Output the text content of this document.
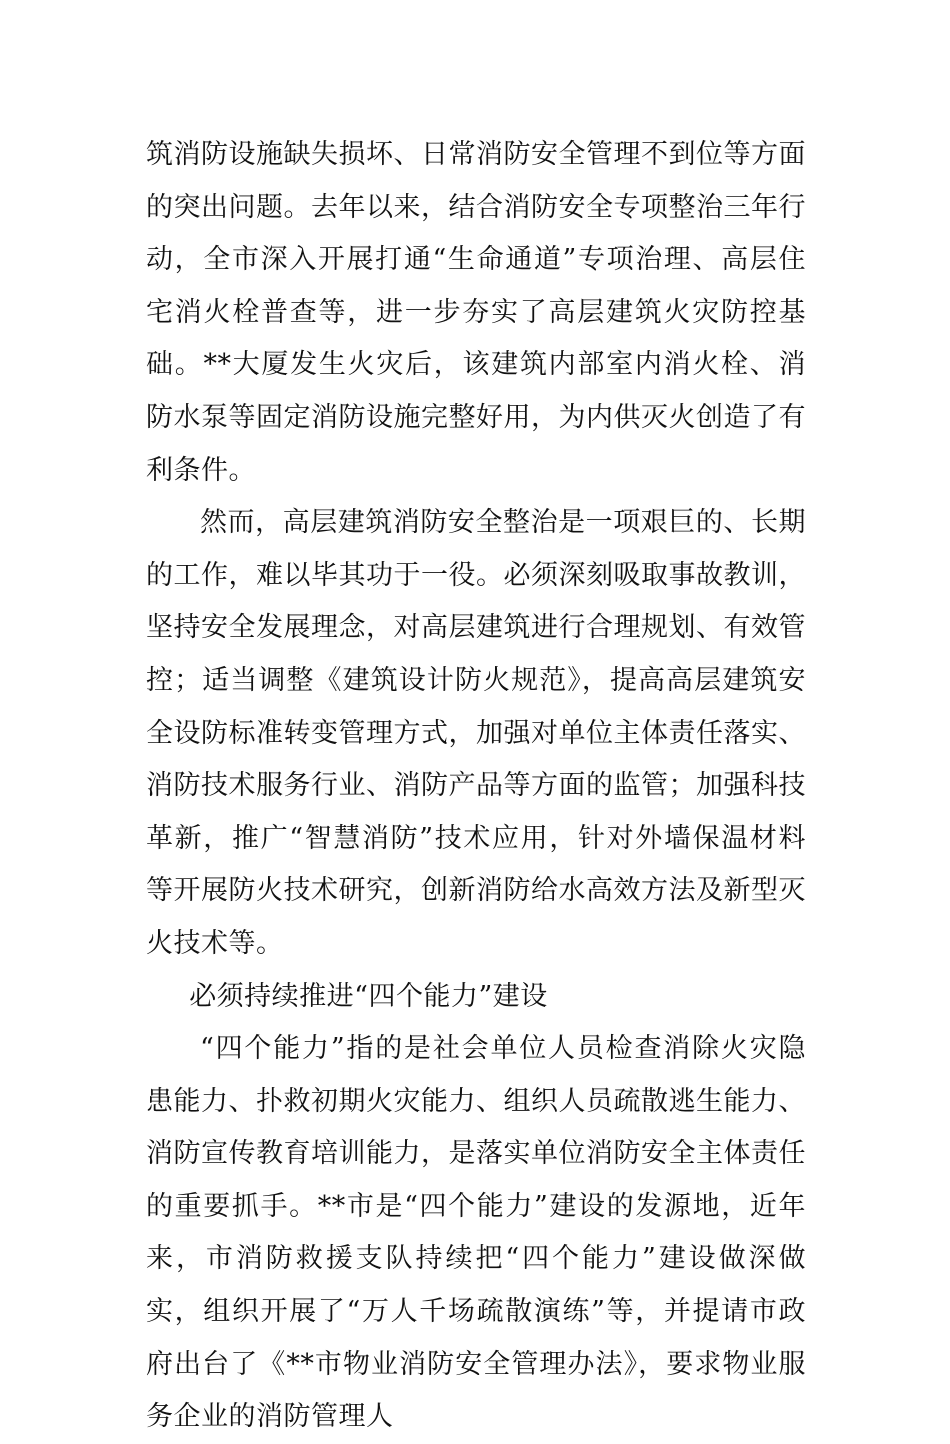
筑消防设施缺失损坏、日常消防安全管理不到位等方面的突出问题。去年以来，结合消防安全专项整治三年行动，全市深入开展打通“生命通道”专项治理、高层住宅消火栓普查等，进一步夯实了高层建筑火灾防控基础。**大厦发生火灾后，该建筑内部室内消火栓、消防水泵等固定消防设施完整好用，为内供灭火创造了有利条件。

然而，高层建筑消防安全整治是一项艰巨的、长期的工作，难以毕其功于一役。必须深刻吸取事故教训，坚持安全发展理念，对高层建筑进行合理规划、有效管控；适当调整《建筑设计防火规范》，提高高层建筑安全设防标准转变管理方式，加强对单位主体责任落实、消防技术服务行业、消防产品等方面的监管；加强科技革新，推广“智慧消防”技术应用，针对外墙保温材料等开展防火技术研究，创新消防给水高效方法及新型灭火技术等。

必须持续推进“四个能力”建设

“四个能力”指的是社会单位人员检查消除火灾隐患能力、扑救初期火灾能力、组织人员疏散逃生能力、消防宣传教育培训能力，是落实单位消防安全主体责任的重要抓手。**市是“四个能力”建设的发源地，近年来，市消防救援支队持续把“四个能力”建设做深做实，组织开展了“万人千场疏散演练”等，并提请市政府出台了《**市物业消防安全管理办法》，要求物业服务企业的消防管理人
